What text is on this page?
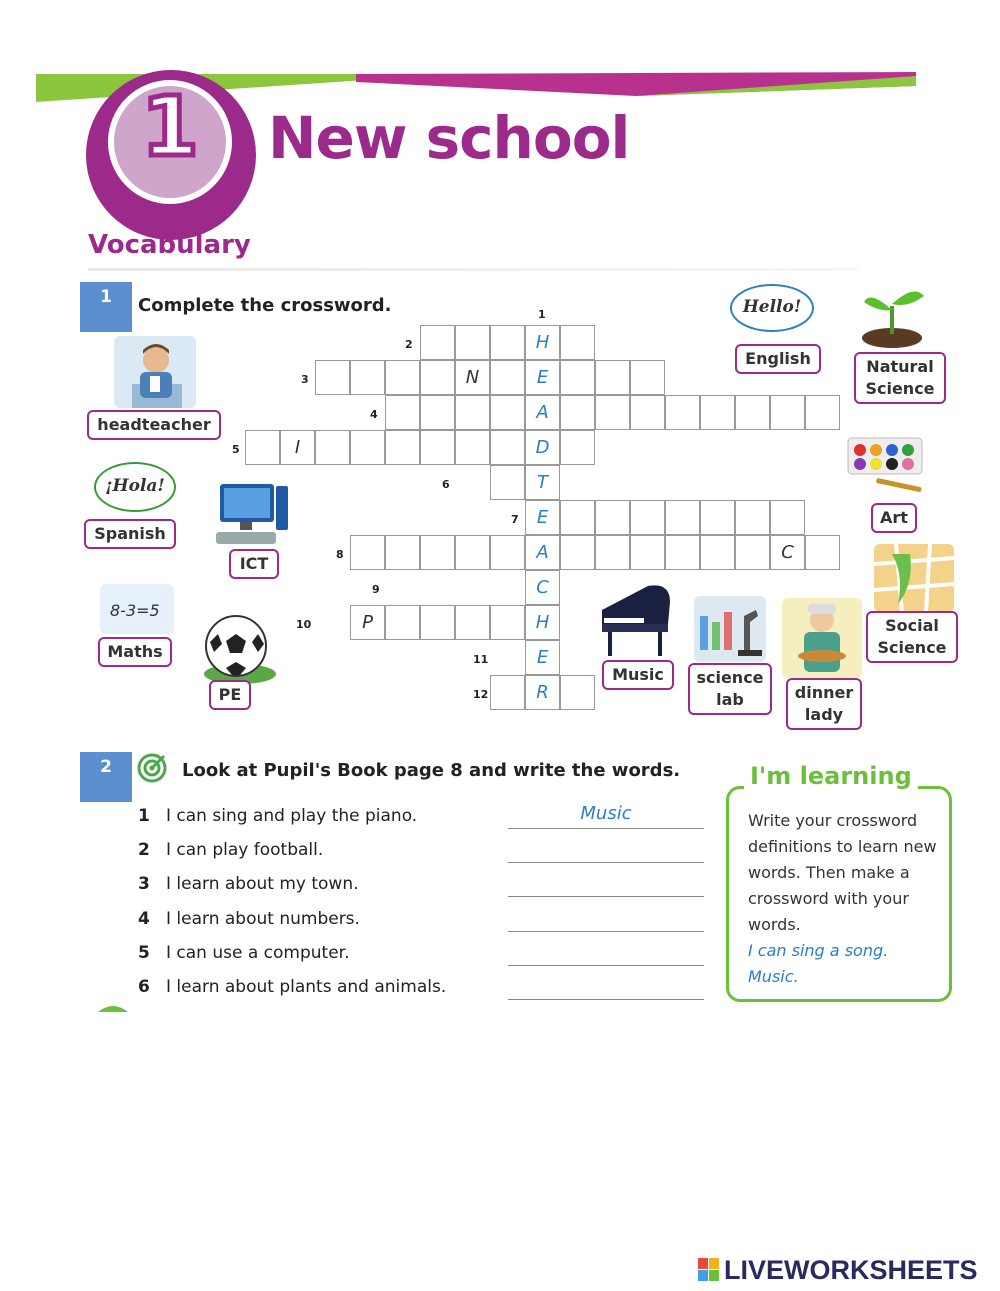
1	New school
Vocabulary
1	Complete the crossword.
H
N	E
A
I	D
T
E
A	C
C
P	H
E
R
1
2
3
4
5
6
7
8
9
10
11
12
headteacher
¡Hola!
Spanish
ICT
8-3=5
Maths
PE
Hello!
English	Natural
Science
Art
Social
Science
Music	science
lab	dinner
lady
2	Look at Pupil's Book page 8 and write the words.
1 I can sing and play the piano.	Music
2 I can play football.
3 I learn about my town.
4 I learn about numbers.
5 I can use a computer.
6 I learn about plants and animals.
I'm learning
Write your crossword definitions to learn new words. Then make a crossword with your words.
I can sing a song.
Music.
LIVEWORKSHEETS
